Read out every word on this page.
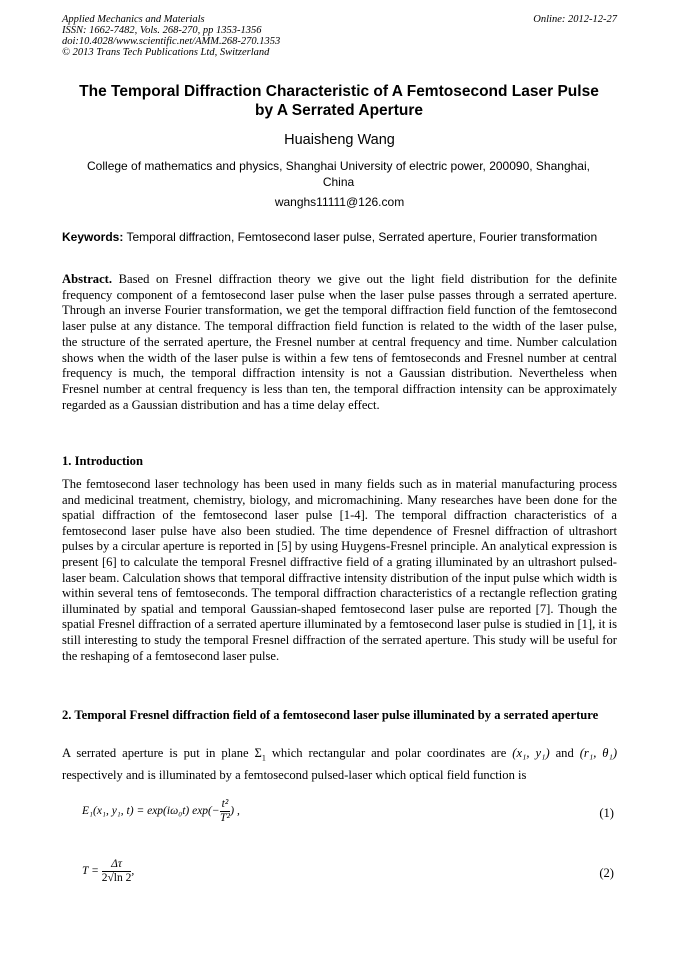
Applied Mechanics and Materials
ISSN: 1662-7482, Vols. 268-270, pp 1353-1356
doi:10.4028/www.scientific.net/AMM.268-270.1353
© 2013 Trans Tech Publications Ltd, Switzerland
Online: 2012-12-27
The Temporal Diffraction Characteristic of A Femtosecond Laser Pulse
by A Serrated Aperture
Huaisheng Wang
College of mathematics and physics, Shanghai University of electric power, 200090, Shanghai,
China
wanghs11111@126.com
Keywords: Temporal diffraction, Femtosecond laser pulse, Serrated aperture, Fourier transformation
Abstract. Based on Fresnel diffraction theory we give out the light field distribution for the definite frequency component of a femtosecond laser pulse when the laser pulse passes through a serrated aperture. Through an inverse Fourier transformation, we get the temporal diffraction field function of the femtosecond laser pulse at any distance. The temporal diffraction field function is related to the width of the laser pulse, the structure of the serrated aperture, the Fresnel number at central frequency and time. Number calculation shows when the width of the laser pulse is within a few tens of femtoseconds and Fresnel number at central frequency is much, the temporal diffraction intensity is not a Gaussian distribution. Nevertheless when Fresnel number at central frequency is less than ten, the temporal diffraction intensity can be approximately regarded as a Gaussian distribution and has a time delay effect.
1. Introduction
The femtosecond laser technology has been used in many fields such as in material manufacturing process and medicinal treatment, chemistry, biology, and micromachining. Many researches have been done for the spatial diffraction of the femtosecond laser pulse [1-4]. The temporal diffraction characteristics of a femtosecond laser pulse have also been studied. The time dependence of Fresnel diffraction of ultrashort pulses by a circular aperture is reported in [5] by using Huygens-Fresnel principle. An analytical expression is present [6] to calculate the temporal Fresnel diffractive field of a grating illuminated by an ultrashort pulsed-laser beam. Calculation shows that temporal diffractive intensity distribution of the input pulse which width is within several tens of femtoseconds. The temporal diffraction characteristics of a rectangle reflection grating illuminated by spatial and temporal Gaussian-shaped femtosecond laser pulse are reported [7]. Though the spatial Fresnel diffraction of a serrated aperture illuminated by a femtosecond laser pulse is studied in [1], it is still interesting to study the temporal Fresnel diffraction of the serrated aperture. This study will be useful for the reshaping of a femtosecond laser pulse.
2. Temporal Fresnel diffraction field of a femtosecond laser pulse illuminated by a serrated aperture
A serrated aperture is put in plane $\Sigma_1$ which rectangular and polar coordinates are (x₁, y₁) and (r₁, θ₁) respectively and is illuminated by a femtosecond pulsed-laser which optical field function is
E₁(x₁, y₁, t) = exp(iω₀t) $\exp(- \frac{\text{t²}}{\text{T²}}$ ) ,	(1)
$T = \frac{\Delta\tau}{2√\ln 2}$ ,	(2)
